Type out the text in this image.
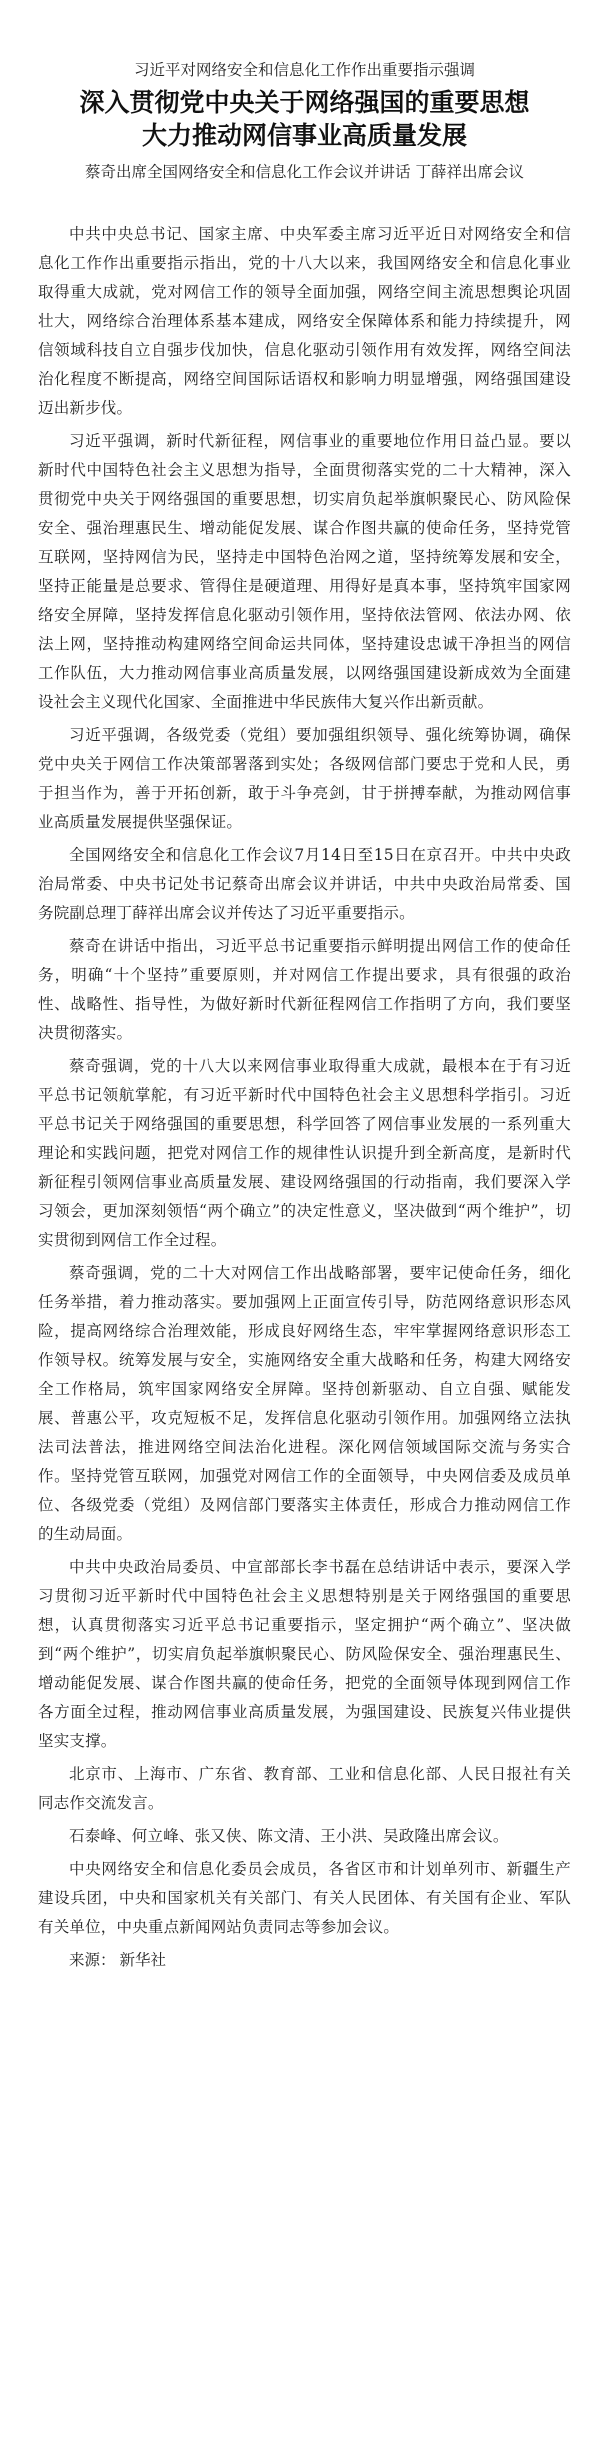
习近平对网络安全和信息化工作作出重要指示强调

深入贯彻党中央关于网络强国的重要思想
大力推动网信事业高质量发展

蔡奇出席全国网络安全和信息化工作会议并讲话 丁薛祥出席会议

中共中央总书记、国家主席、中央军委主席习近平近日对网络安全和信息化工作作出重要指示指出，党的十八大以来，我国网络安全和信息化事业取得重大成就，党对网信工作的领导全面加强，网络空间主流思想舆论巩固壮大，网络综合治理体系基本建成，网络安全保障体系和能力持续提升，网信领域科技自立自强步伐加快，信息化驱动引领作用有效发挥，网络空间法治化程度不断提高，网络空间国际话语权和影响力明显增强，网络强国建设迈出新步伐。

习近平强调，新时代新征程，网信事业的重要地位作用日益凸显。要以新时代中国特色社会主义思想为指导，全面贯彻落实党的二十大精神，深入贯彻党中央关于网络强国的重要思想，切实肩负起举旗帜聚民心、防风险保安全、强治理惠民生、增动能促发展、谋合作图共赢的使命任务，坚持党管互联网，坚持网信为民，坚持走中国特色治网之道，坚持统筹发展和安全，坚持正能量是总要求、管得住是硬道理、用得好是真本事，坚持筑牢国家网络安全屏障，坚持发挥信息化驱动引领作用，坚持依法管网、依法办网、依法上网，坚持推动构建网络空间命运共同体，坚持建设忠诚干净担当的网信工作队伍，大力推动网信事业高质量发展，以网络强国建设新成效为全面建设社会主义现代化国家、全面推进中华民族伟大复兴作出新贡献。

习近平强调，各级党委（党组）要加强组织领导、强化统筹协调，确保党中央关于网信工作决策部署落到实处；各级网信部门要忠于党和人民，勇于担当作为，善于开拓创新，敢于斗争亮剑，甘于拼搏奉献，为推动网信事业高质量发展提供坚强保证。

全国网络安全和信息化工作会议7月14日至15日在京召开。中共中央政治局常委、中央书记处书记蔡奇出席会议并讲话，中共中央政治局常委、国务院副总理丁薛祥出席会议并传达了习近平重要指示。

蔡奇在讲话中指出，习近平总书记重要指示鲜明提出网信工作的使命任务，明确“十个坚持”重要原则，并对网信工作提出要求，具有很强的政治性、战略性、指导性，为做好新时代新征程网信工作指明了方向，我们要坚决贯彻落实。

蔡奇强调，党的十八大以来网信事业取得重大成就，最根本在于有习近平总书记领航掌舵，有习近平新时代中国特色社会主义思想科学指引。习近平总书记关于网络强国的重要思想，科学回答了网信事业发展的一系列重大理论和实践问题，把党对网信工作的规律性认识提升到全新高度，是新时代新征程引领网信事业高质量发展、建设网络强国的行动指南，我们要深入学习领会，更加深刻领悟“两个确立”的决定性意义，坚决做到“两个维护”，切实贯彻到网信工作全过程。

蔡奇强调，党的二十大对网信工作出战略部署，要牢记使命任务，细化任务举措，着力推动落实。要加强网上正面宣传引导，防范网络意识形态风险，提高网络综合治理效能，形成良好网络生态，牢牢掌握网络意识形态工作领导权。统筹发展与安全，实施网络安全重大战略和任务，构建大网络安全工作格局，筑牢国家网络安全屏障。坚持创新驱动、自立自强、赋能发展、普惠公平，攻克短板不足，发挥信息化驱动引领作用。加强网络立法执法司法普法，推进网络空间法治化进程。深化网信领域国际交流与务实合作。坚持党管互联网，加强党对网信工作的全面领导，中央网信委及成员单位、各级党委（党组）及网信部门要落实主体责任，形成合力推动网信工作的生动局面。

中共中央政治局委员、中宣部部长李书磊在总结讲话中表示，要深入学习贯彻习近平新时代中国特色社会主义思想特别是关于网络强国的重要思想，认真贯彻落实习近平总书记重要指示，坚定拥护“两个确立”、坚决做到“两个维护”，切实肩负起举旗帜聚民心、防风险保安全、强治理惠民生、增动能促发展、谋合作图共赢的使命任务，把党的全面领导体现到网信工作各方面全过程，推动网信事业高质量发展，为强国建设、民族复兴伟业提供坚实支撑。

北京市、上海市、广东省、教育部、工业和信息化部、人民日报社有关同志作交流发言。

石泰峰、何立峰、张又侠、陈文清、王小洪、吴政隆出席会议。

中央网络安全和信息化委员会成员，各省区市和计划单列市、新疆生产建设兵团，中央和国家机关有关部门、有关人民团体、有关国有企业、军队有关单位，中央重点新闻网站负责同志等参加会议。

来源： 新华社
